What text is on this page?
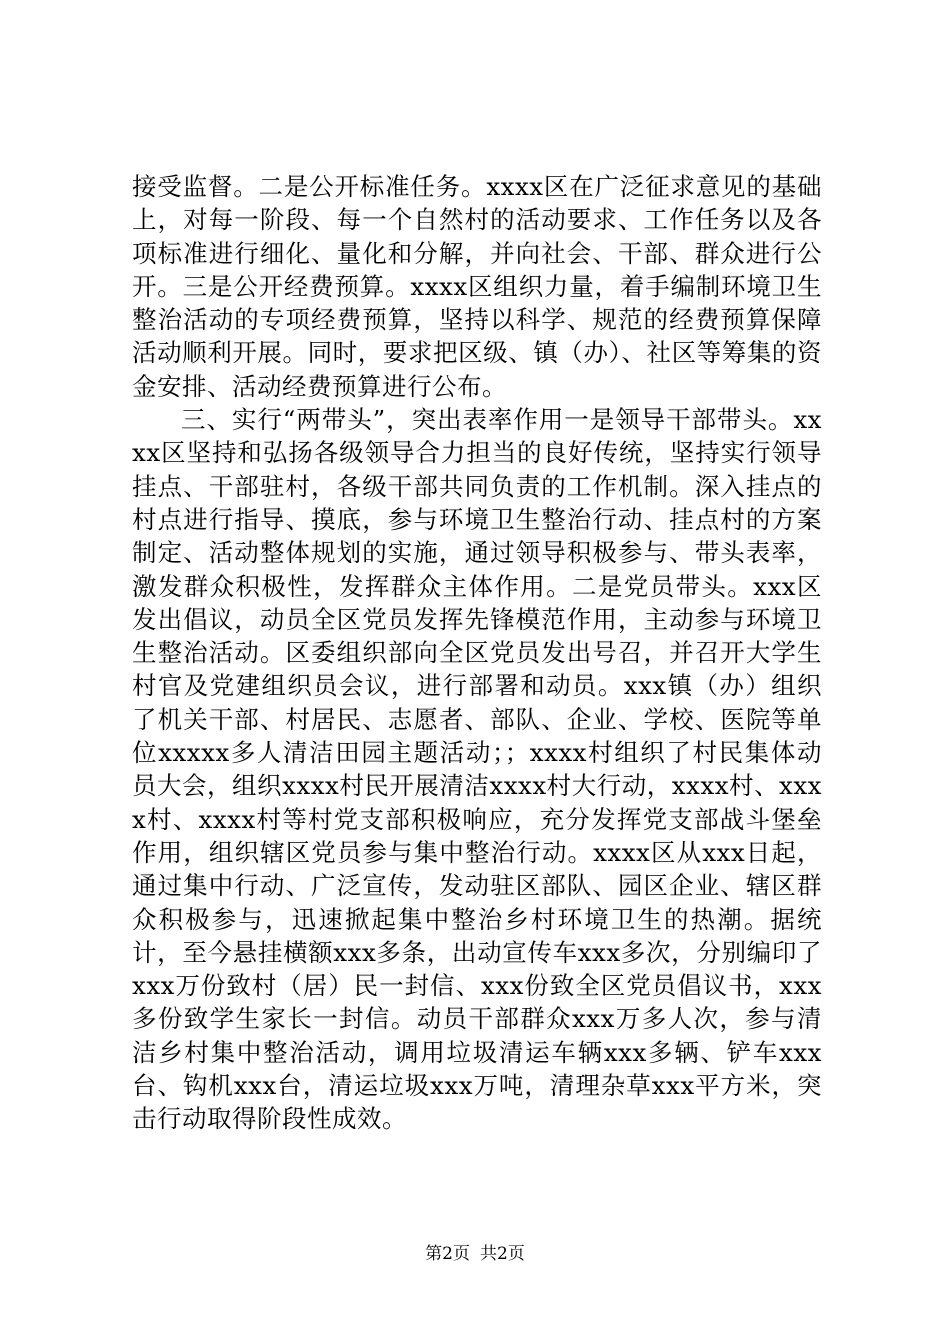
接受监督。二是公开标准任务。xxxx区在广泛征求意见的基础上，对每一阶段、每一个自然村的活动要求、工作任务以及各项标准进行细化、量化和分解，并向社会、干部、群众进行公开。三是公开经费预算。xxxx区组织力量，着手编制环境卫生整治活动的专项经费预算，坚持以科学、规范的经费预算保障活动顺利开展。同时，要求把区级、镇（办）、社区等筹集的资金安排、活动经费预算进行公布。

三、实行“两带头”，突出表率作用一是领导干部带头。xxxx区坚持和弘扬各级领导合力担当的良好传统，坚持实行领导挂点、干部驻村，各级干部共同负责的工作机制。深入挂点的村点进行指导、摸底，参与环境卫生整治行动、挂点村的方案制定、活动整体规划的实施，通过领导积极参与、带头表率，激发群众积极性，发挥群众主体作用。二是党员带头。xxx区发出倡议，动员全区党员发挥先锋模范作用，主动参与环境卫生整治活动。区委组织部向全区党员发出号召，并召开大学生村官及党建组织员会议，进行部署和动员。xxx镇（办）组织了机关干部、村居民、志愿者、部队、企业、学校、医院等单位xxxxx多人清洁田园主题活动；；xxxx村组织了村民集体动员大会，组织xxxx村民开展清洁xxxx村大行动，xxxx村、xxxx村、xxxx村等村党支部积极响应，充分发挥党支部战斗堡垒作用，组织辖区党员参与集中整治行动。xxxx区从xxx日起，通过集中行动、广泛宣传，发动驻区部队、园区企业、辖区群众积极参与，迅速掀起集中整治乡村环境卫生的热潮。据统计，至今悬挂横额xxx多条，出动宣传车xxx多次，分别编印了xxx万份致村（居）民一封信、xxx份致全区党员倡议书，xxx多份致学生家长一封信。动员干部群众xxx万多人次，参与清洁乡村集中整治活动，调用垃圾清运车辆xxx多辆、铲车xxx台、钩机xxx台，清运垃圾xxx万吨，清理杂草xxx平方米，突击行动取得阶段性成效。

第2页 共2页
